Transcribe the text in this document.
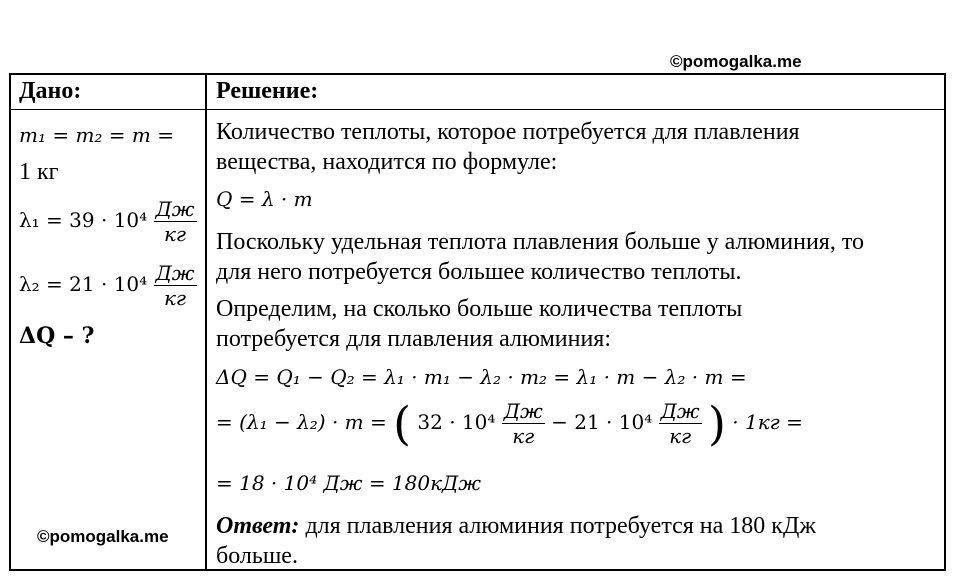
©pomogalka.me
Дано:
m₁ = m₂ = m =
1 кг
$\lambda_1 = 39 \cdot 10^4 \frac{Дж}{кг}$
$\lambda_2 = 21 \cdot 10^4 \frac{Дж}{кг}$
ΔQ – ?
Решение:
Количество теплоты, которое потребуется для плавления
вещества, находится по формуле:
Q = λ · m
Поскольку удельная теплота плавления больше у алюминия, то
для него потребуется большее количество теплоты.
Определим, на сколько больше количества теплоты
потребуется для плавления алюминия:
ΔQ = Q₁ − Q₂ = λ₁ · m₁ − λ₂ · m₂ = λ₁ · m − λ₂ · m =
= (λ₁ − λ₂) · m = ( $32 \cdot 10^4 \frac{Дж}{кг} - 21 \cdot 10^4 \frac{Дж}{кг}$ ) · 1кг =
= 18 · 10⁴ Дж = 180кДж
Ответ: для плавления алюминия потребуется на 180 кДж
больше.
©pomogalka.me
